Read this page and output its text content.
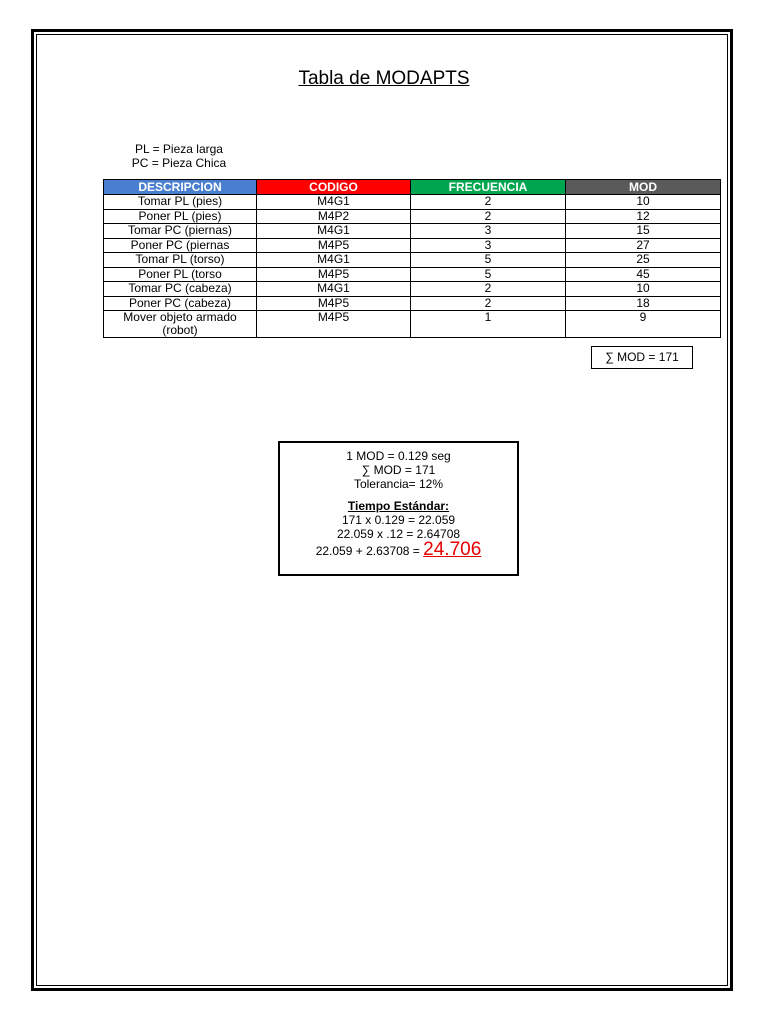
Tabla de MODAPTS
PL = Pieza larga
PC = Pieza Chica
DESCRIPCION	CODIGO	FRECUENCIA	MOD
Tomar PL (pies)	M4G1	2	10
Poner PL (pies)	M4P2	2	12
Tomar PC (piernas)	M4G1	3	15
Poner PC (piernas	M4P5	3	27
Tomar PL (torso)	M4G1	5	25
Poner PL (torso	M4P5	5	45
Tomar PC (cabeza)	M4G1	2	10
Poner PC (cabeza)	M4P5	2	18
Mover objeto armado (robot)	M4P5	1	9
∑ MOD = 171
1 MOD = 0.129 seg
∑ MOD = 171
Tolerancia= 12%
Tiempo Estándar:
171 x 0.129 = 22.059
22.059 x .12 = 2.64708
22.059 + 2.63708 = 24.706
